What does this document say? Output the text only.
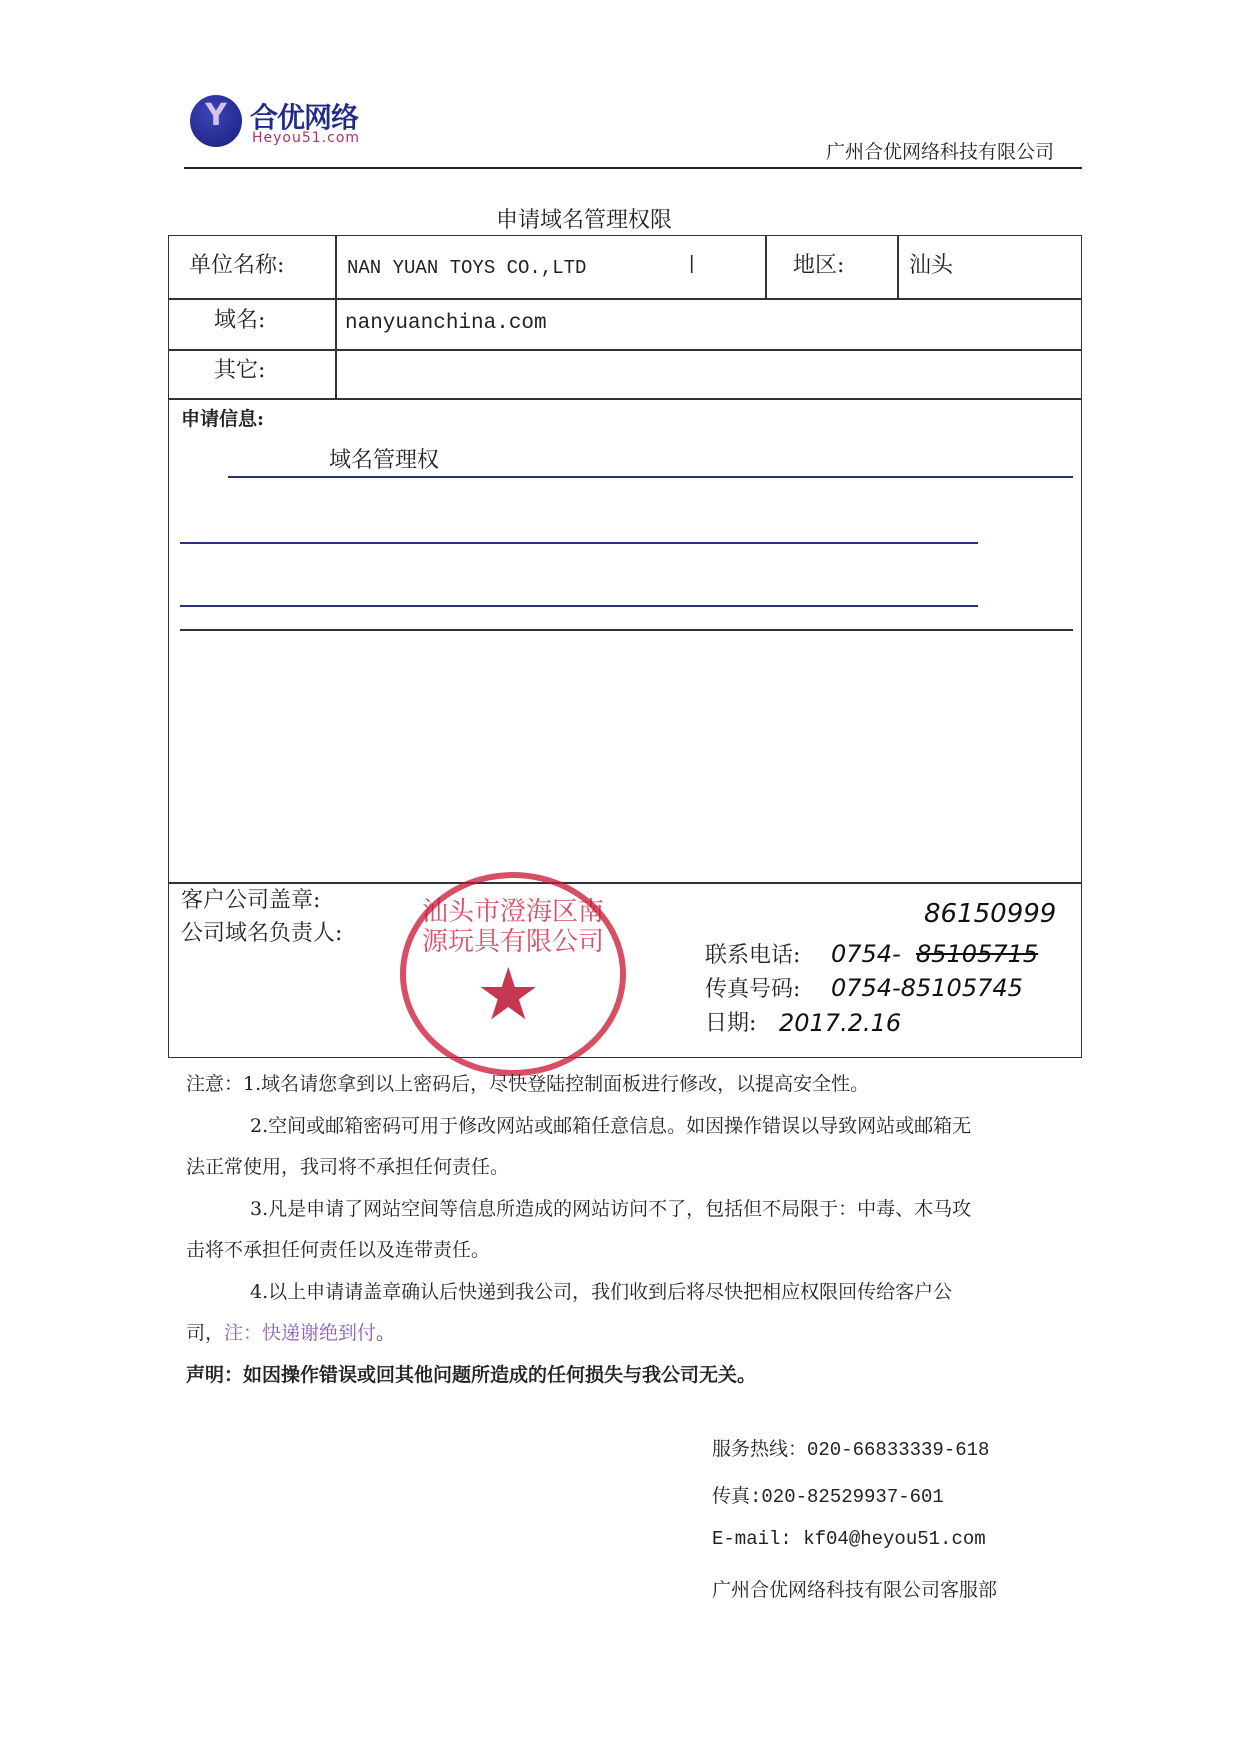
Y 合优网络
Heyou51.com
广州合优网络科技有限公司
申请域名管理权限
单位名称:	NAN YUAN TOYS CO.,LTD	|	地区:	汕头
域名:	nanyuanchina.com
其它:
申请信息:
域名管理权
客户公司盖章:
公司域名负责人:
86150999
联系电话: 0754- 85105715
传真号码: 0754-85105745
日期: 2017.2.16
★
汕头市澄海区南源玩具有限公司
注意：1.域名请您拿到以上密码后，尽快登陆控制面板进行修改，以提高安全性。
2.空间或邮箱密码可用于修改网站或邮箱任意信息。如因操作错误以导致网站或邮箱无
法正常使用，我司将不承担任何责任。
3.凡是申请了网站空间等信息所造成的网站访问不了，包括但不局限于：中毒、木马攻
击将不承担任何责任以及连带责任。
4.以上申请请盖章确认后快递到我公司，我们收到后将尽快把相应权限回传给客户公
司，注：快递谢绝到付。
声明：如因操作错误或回其他问题所造成的任何损失与我公司无关。
服务热线：020-66833339-618
传真:020-82529937-601
E-mail: kf04@heyou51.com
广州合优网络科技有限公司客服部
